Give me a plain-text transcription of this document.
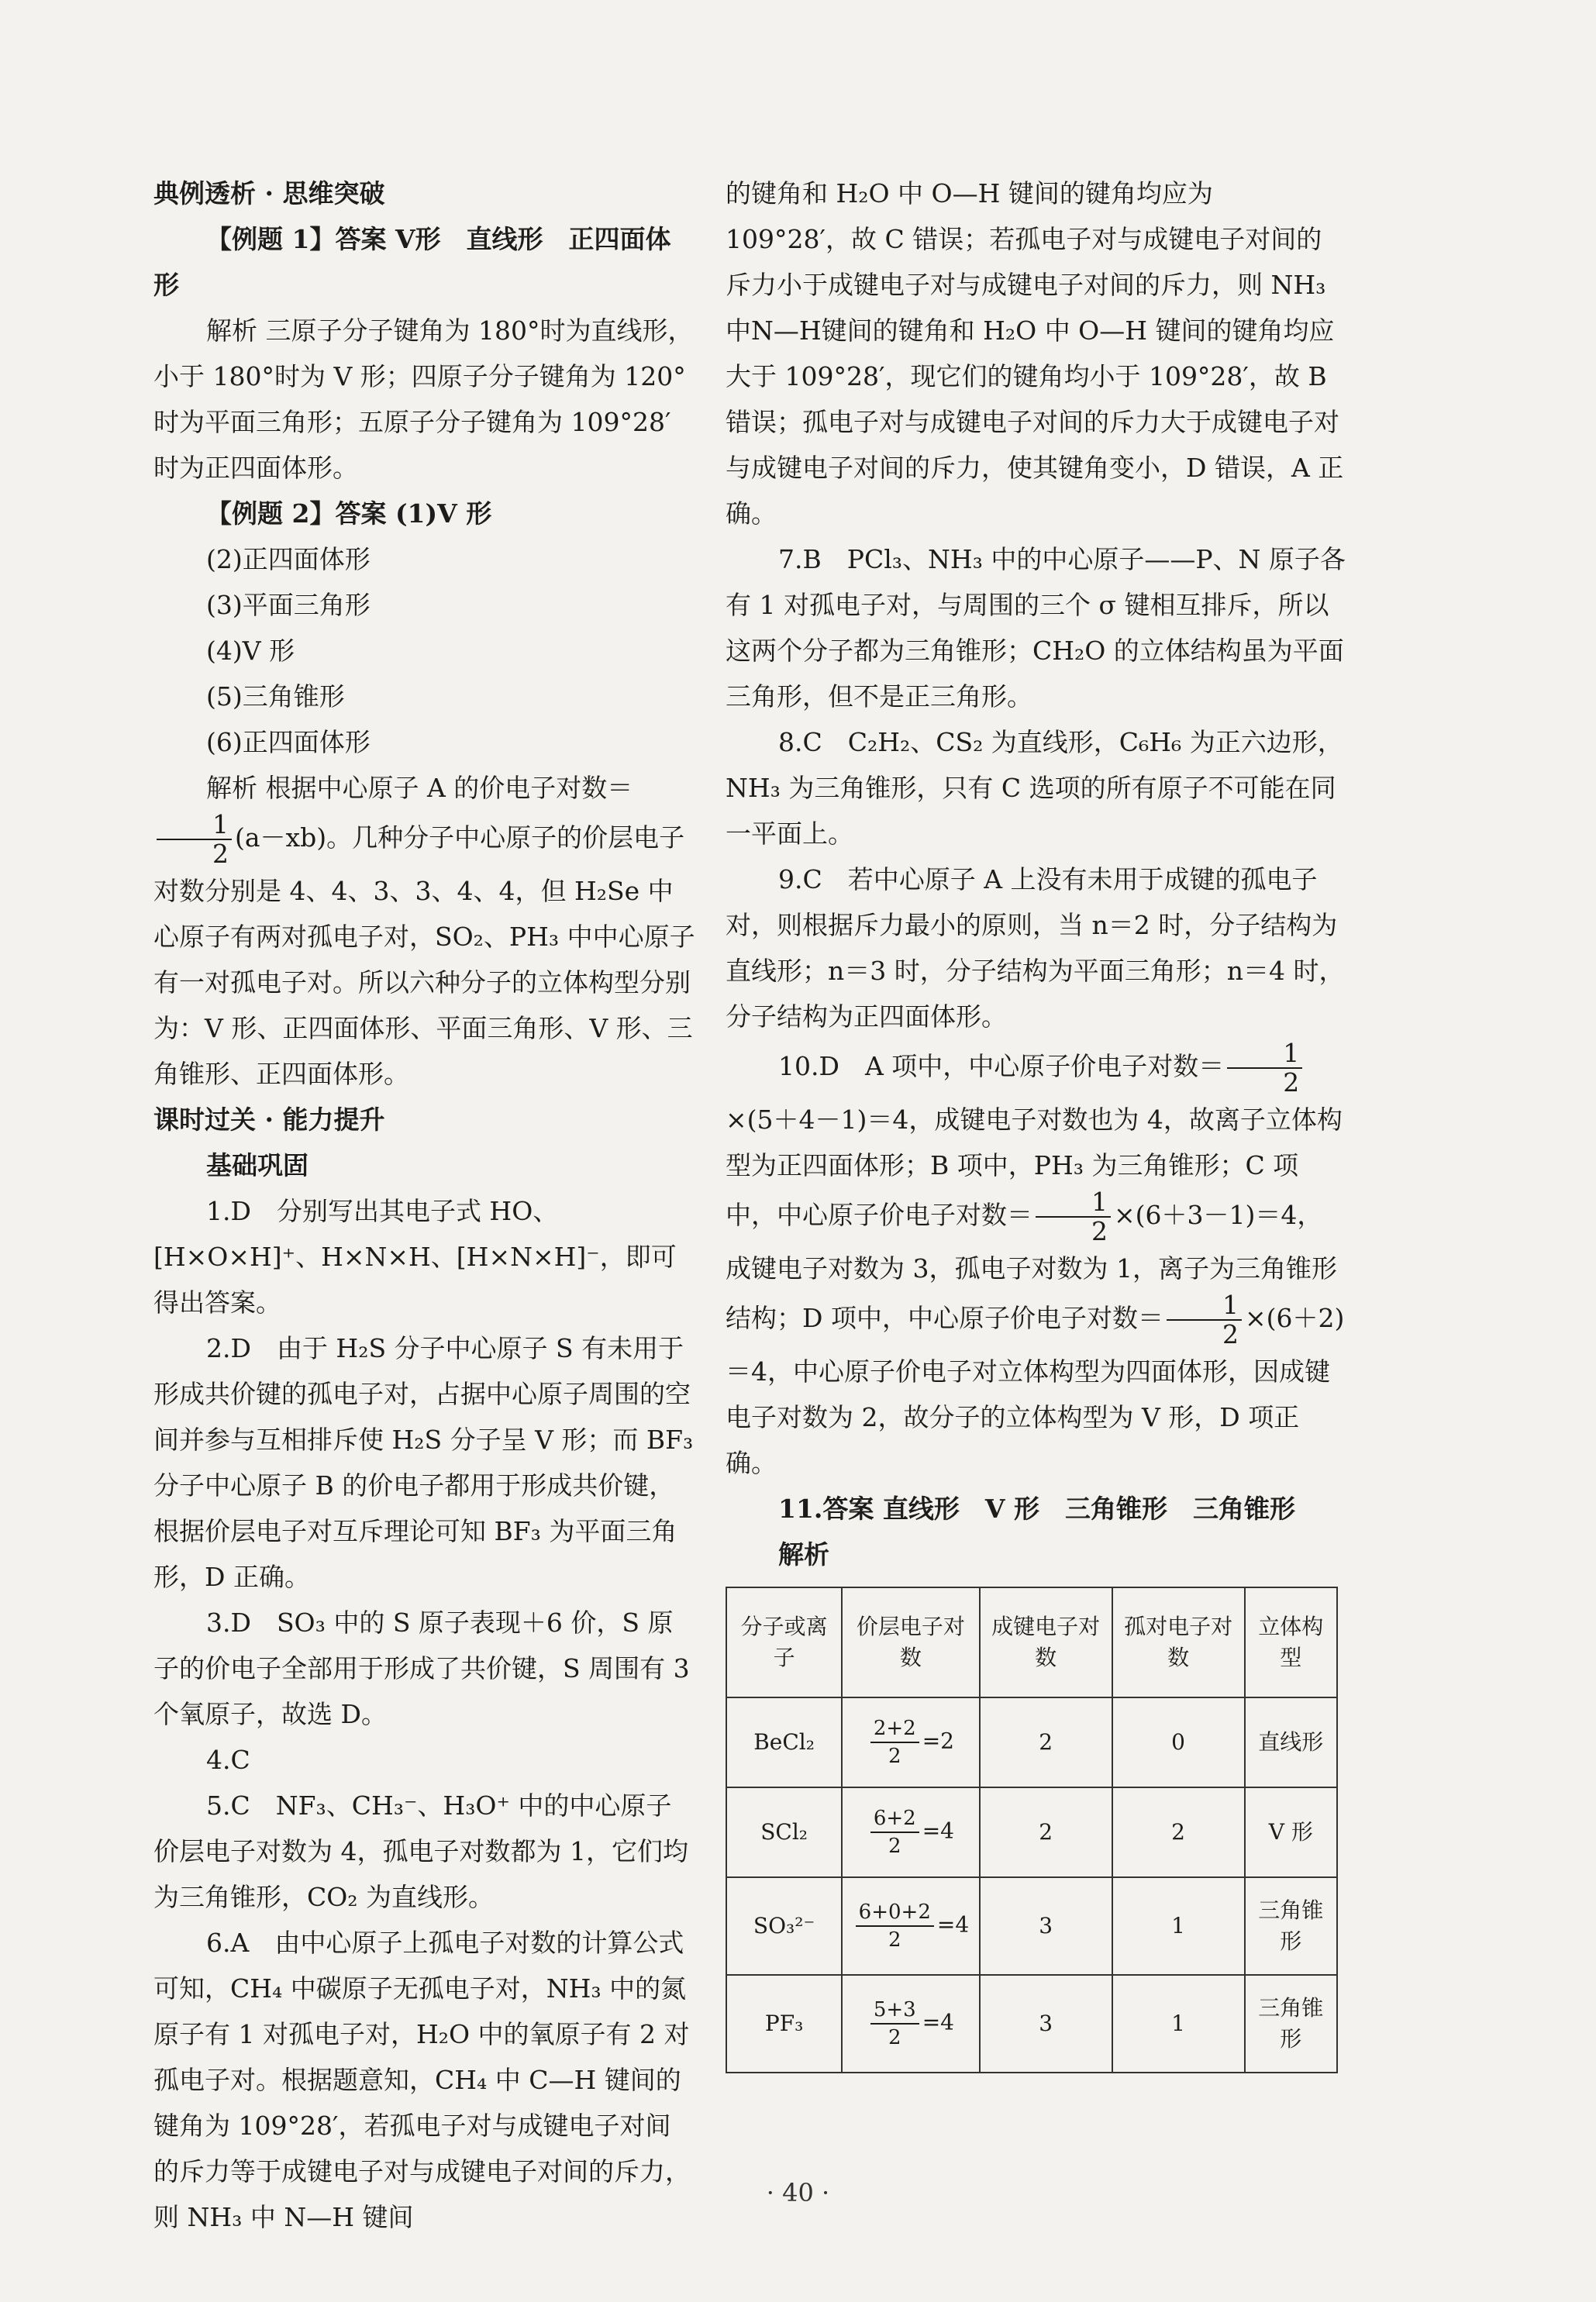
典例透析 · 思维突破

【例题 1】答案 V形　直线形　正四面体形

解析 三原子分子键角为 180°时为直线形，小于 180°时为 V 形；四原子分子键角为 120°时为平面三角形；五原子分子键角为 109°28′时为正四面体形。

【例题 2】答案 (1)V 形

(2)正四面体形

(3)平面三角形

(4)V 形

(5)三角锥形

(6)正四面体形

解析 根据中心原子 A 的价电子对数＝
$\frac{1}{2} (a-xb)$。几种分子中心原子的价层电子对数分别是 4、4、3、3、4、4，但 H₂Se 中心原子有两对孤电子对，SO₂、PH₃ 中中心原子有一对孤电子对。所以六种分子的立体构型分别为：V 形、正四面体形、平面三角形、V 形、三角锥形、正四面体形。

课时过关 · 能力提升

基础巩固

1.D　分别写出其电子式 HO、

[H⨯O⨯H]⁺、H⨯N⨯H、[H⨯N⨯H]⁻，即可得出答案。

2.D　由于 H₂S 分子中心原子 S 有未用于形成共价键的孤电子对，占据中心原子周围的空间并参与互相排斥使 H₂S 分子呈 V 形；而 BF₃ 分子中心原子 B 的价电子都用于形成共价键，根据价层电子对互斥理论可知 BF₃ 为平面三角形，D 正确。

3.D　SO₃ 中的 S 原子表现＋6 价，S 原子的价电子全部用于形成了共价键，S 周围有 3 个氧原子，故选 D。

4.C

5.C　NF₃、CH₃⁻、H₃O⁺ 中的中心原子价层电子对数为 4，孤电子对数都为 1，它们均为三角锥形，CO₂ 为直线形。

6.A　由中心原子上孤电子对数的计算公式可知，CH₄ 中碳原子无孤电子对，NH₃ 中的氮原子有 1 对孤电子对，H₂O 中的氧原子有 2 对孤电子对。根据题意知，CH₄ 中 C—H 键间的键角为 109°28′，若孤电子对与成键电子对间的斥力等于成键电子对与成键电子对间的斥力，则 NH₃ 中 N—H 键间

的键角和 H₂O 中 O—H 键间的键角均应为 109°28′，故 C 错误；若孤电子对与成键电子对间的斥力小于成键电子对与成键电子对间的斥力，则 NH₃ 中N—H键间的键角和 H₂O 中 O—H 键间的键角均应大于 109°28′，现它们的键角均小于 109°28′，故 B 错误；孤电子对与成键电子对间的斥力大于成键电子对与成键电子对间的斥力，使其键角变小，D 错误，A 正确。

7.B　PCl₃、NH₃ 中的中心原子——P、N 原子各有 1 对孤电子对，与周围的三个 σ 键相互排斥，所以这两个分子都为三角锥形；CH₂O 的立体结构虽为平面三角形，但不是正三角形。

8.C　C₂H₂、CS₂ 为直线形，C₆H₆ 为正六边形，NH₃ 为三角锥形，只有 C 选项的所有原子不可能在同一平面上。

9.C　若中心原子 A 上没有未用于成键的孤电子对，则根据斥力最小的原则，当 n＝2 时，分子结构为直线形；n＝3 时，分子结构为平面三角形；n＝4 时，分子结构为正四面体形。

10.D　A 项中，中心原子价电子对数＝ $\frac{1}{2}$
×(5＋4－1)＝4，成键电子对数也为 4，故离子立体构型为正四面体形；B 项中，PH₃ 为三角锥形；C 项中，中心原子价电子对数＝ $\frac{1}{2} \times(6+3-1)=4$，成键电子对数为 3，孤电子对数为 1，离子为三角锥形结构；D 项中，中心原子价电子对数＝ $\frac{1}{2} \times(6+2)=4$，中心原子价电子对立体构型为四面体形，因成键电子对数为 2，故分子的立体构型为 V 形，D 项正确。

11.答案 直线形　V 形　三角锥形　三角锥形

解析

分子或离子	价层电子对数	成键电子对数	孤对电子对数	立体构型
BeCl₂	$\frac{2+2}{2} =2$	2	0	直线形
SCl₂	$\frac{6+2}{2} =4$	2	2	V 形
SO₃²⁻	$\frac{6+0+2}{2} =4$	3	1	三角锥形
PF₃	$\frac{5+3}{2} =4$	3	1	三角锥形
· 40 ·
